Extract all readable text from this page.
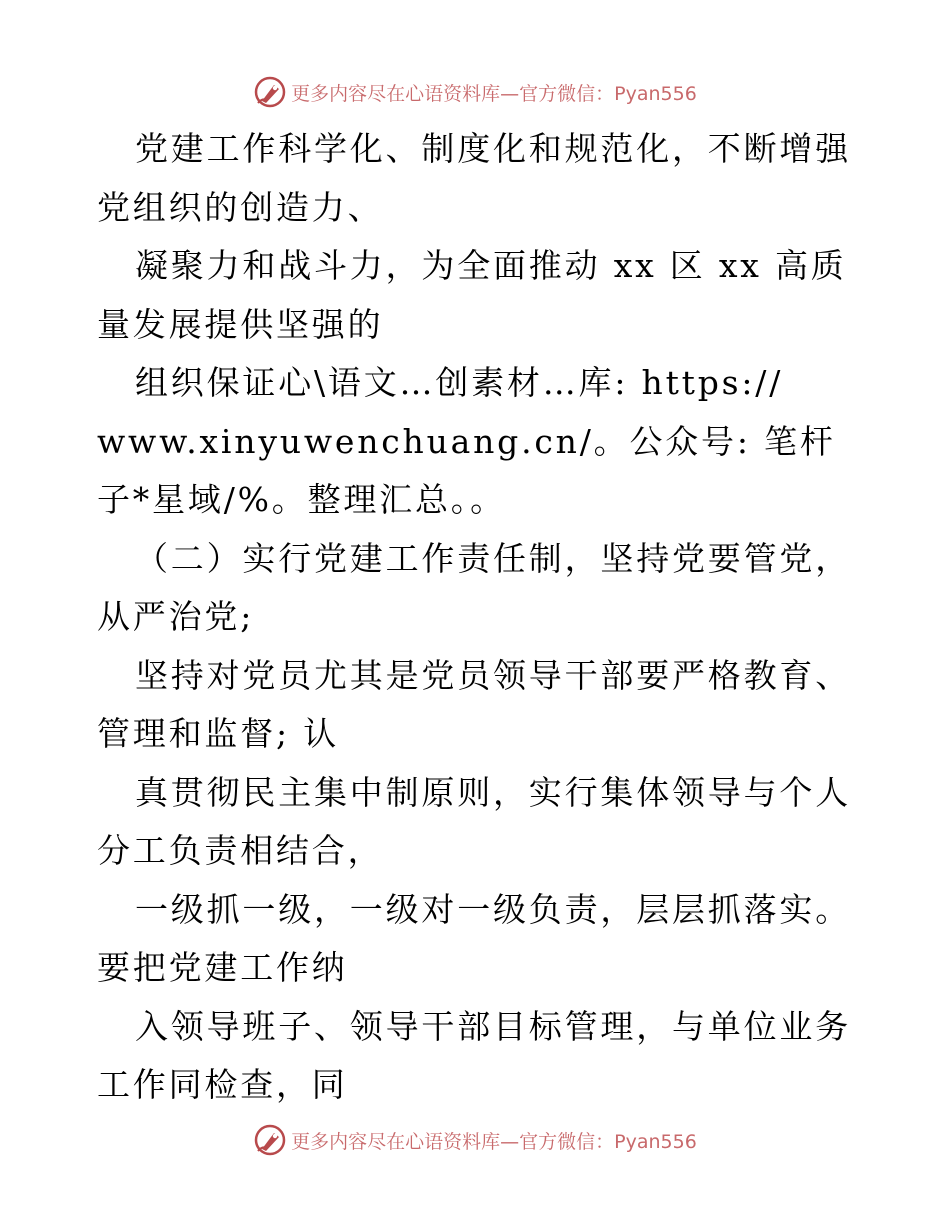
更多内容尽在心语资料库—官方微信：Pyan556

党建工作科学化、制度化和规范化，不断增强党组织的创造力、

凝聚力和战斗力，为全面推动 xx 区 xx 高质量发展提供坚强的

组织保证心\语文…创素材…库: https://

www.xinyuwenchuang.cn/。公众号: 笔杆子*星域/%。整理汇总。。

（二）实行党建工作责任制，坚持党要管党，从严治党;

坚持对党员尤其是党员领导干部要严格教育、管理和监督; 认

真贯彻民主集中制原则，实行集体领导与个人分工负责相结合，

一级抓一级，一级对一级负责，层层抓落实。要把党建工作纳

入领导班子、领导干部目标管理，与单位业务工作同检查，同

更多内容尽在心语资料库—官方微信：Pyan556
